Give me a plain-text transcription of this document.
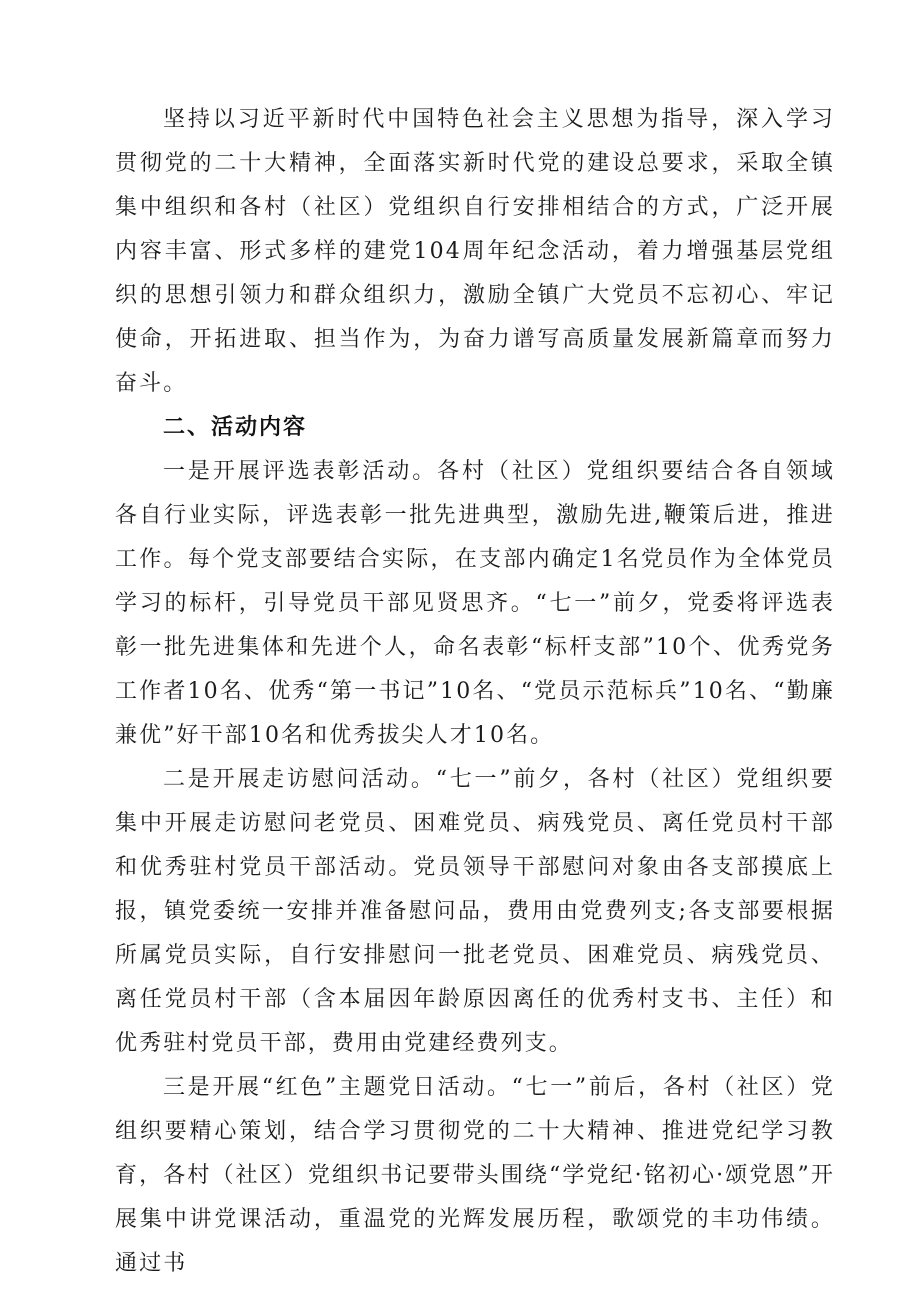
坚持以习近平新时代中国特色社会主义思想为指导，深入学习贯彻党的二十大精神，全面落实新时代党的建设总要求，采取全镇集中组织和各村（社区）党组织自行安排相结合的方式，广泛开展内容丰富、形式多样的建党104周年纪念活动，着力增强基层党组织的思想引领力和群众组织力，激励全镇广大党员不忘初心、牢记使命，开拓进取、担当作为，为奋力谱写高质量发展新篇章而努力奋斗。

二、活动内容

一是开展评选表彰活动。各村（社区）党组织要结合各自领域各自行业实际，评选表彰一批先进典型，激励先进,鞭策后进，推进工作。每个党支部要结合实际，在支部内确定1名党员作为全体党员学习的标杆，引导党员干部见贤思齐。“七一”前夕，党委将评选表彰一批先进集体和先进个人，命名表彰“标杆支部”10个、优秀党务工作者10名、优秀“第一书记”10名、“党员示范标兵”10名、“勤廉兼优”好干部10名和优秀拔尖人才10名。

二是开展走访慰问活动。“七一”前夕，各村（社区）党组织要集中开展走访慰问老党员、困难党员、病残党员、离任党员村干部和优秀驻村党员干部活动。党员领导干部慰问对象由各支部摸底上报，镇党委统一安排并准备慰问品，费用由党费列支;各支部要根据所属党员实际，自行安排慰问一批老党员、困难党员、病残党员、离任党员村干部（含本届因年龄原因离任的优秀村支书、主任）和优秀驻村党员干部，费用由党建经费列支。

三是开展“红色”主题党日活动。“七一”前后，各村（社区）党组织要精心策划，结合学习贯彻党的二十大精神、推进党纪学习教育，各村（社区）党组织书记要带头围绕“学党纪·铭初心·颂党恩”开展集中讲党课活动，重温党的光辉发展历程，歌颂党的丰功伟绩。通过书
